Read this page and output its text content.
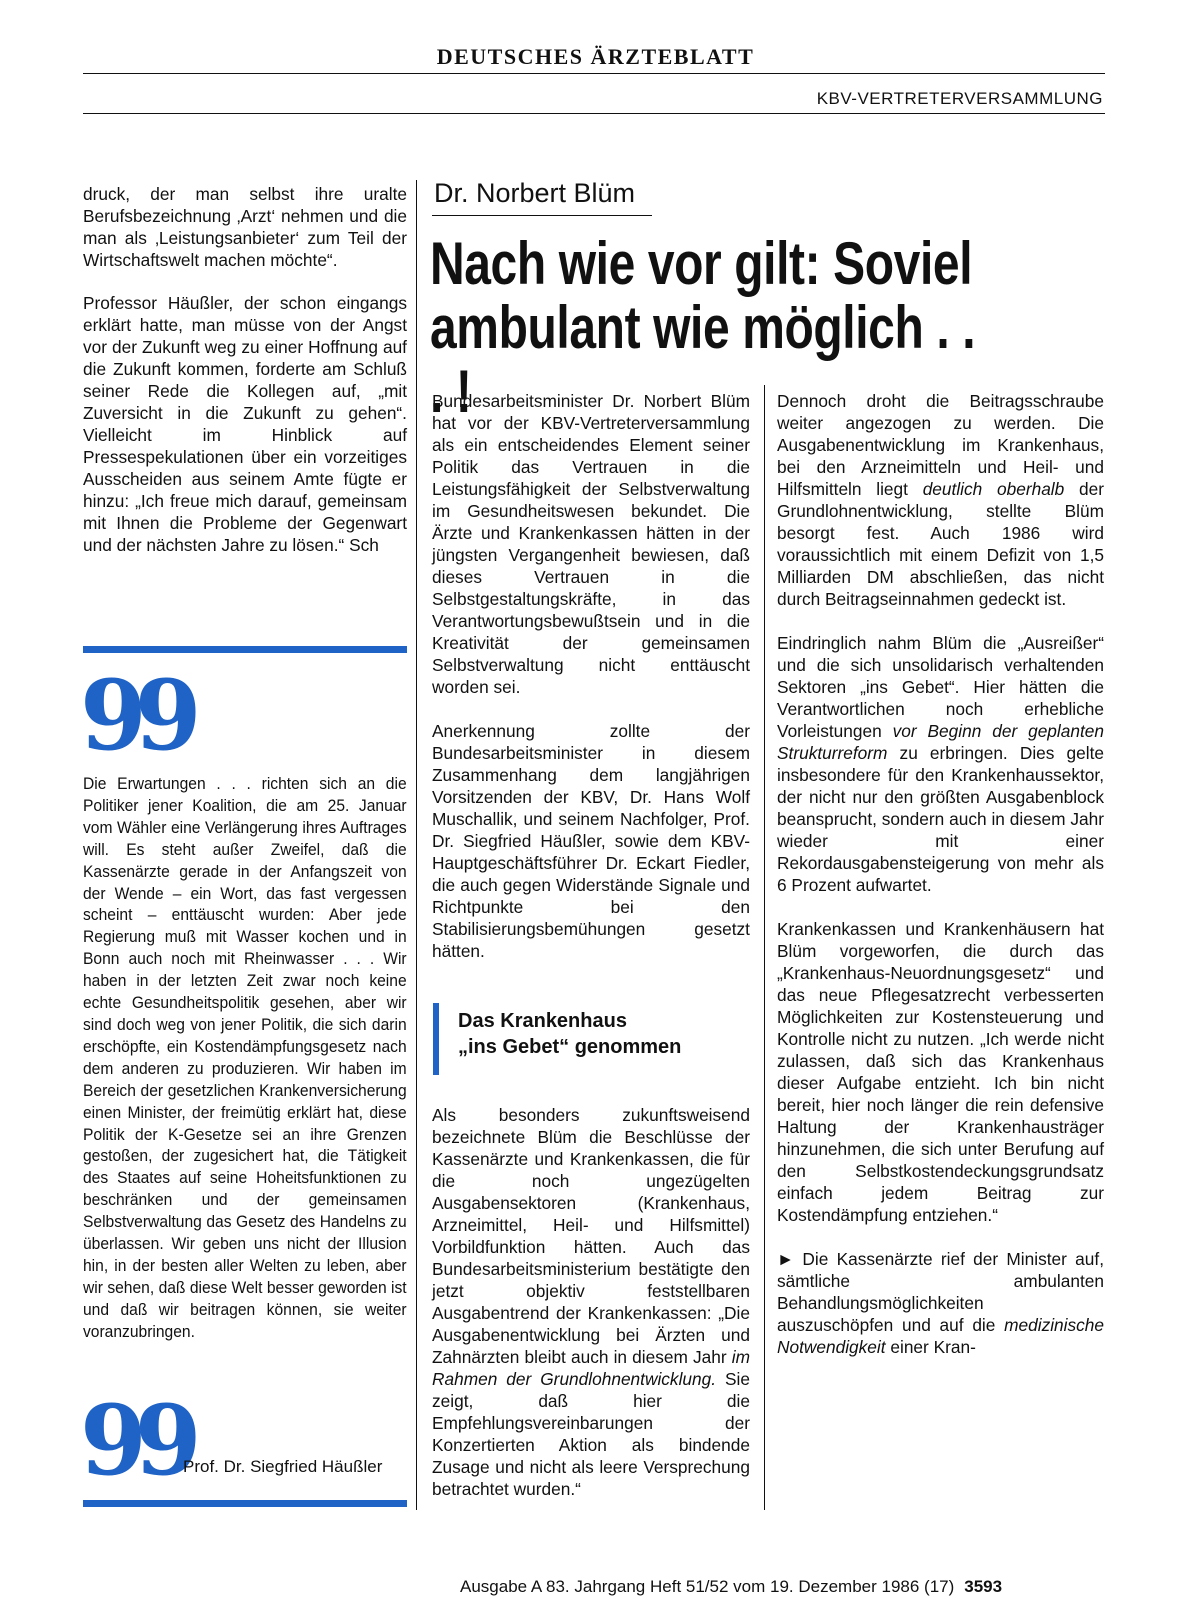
DEUTSCHES ÄRZTEBLATT
KBV-VERTRETERVERSAMMLUNG

druck, der man selbst ihre uralte Berufsbezeichnung ‚Arzt‘ nehmen und die man als ‚Leistungsanbieter‘ zum Teil der Wirtschaftswelt machen möchte“.

Professor Häußler, der schon eingangs erklärt hatte, man müsse von der Angst vor der Zukunft weg zu einer Hoffnung auf die Zukunft kommen, forderte am Schluß seiner Rede die Kollegen auf, „mit Zuversicht in die Zukunft zu gehen“. Vielleicht im Hinblick auf Pressespekulationen über ein vorzeitiges Ausscheiden aus seinem Amte fügte er hinzu: „Ich freue mich darauf, gemeinsam mit Ihnen die Probleme der Gegenwart und der nächsten Jahre zu lösen.“ Sch

99
Die Erwartungen . . . richten sich an die Politiker jener Koalition, die am 25. Januar vom Wähler eine Verlängerung ihres Auftrages will. Es steht außer Zweifel, daß die Kassenärzte gerade in der Anfangszeit von der Wende – ein Wort, das fast vergessen scheint – enttäuscht wurden: Aber jede Regierung muß mit Wasser kochen und in Bonn auch noch mit Rheinwasser . . . Wir haben in der letzten Zeit zwar noch keine echte Gesundheitspolitik gesehen, aber wir sind doch weg von jener Politik, die sich darin erschöpfte, ein Kostendämpfungsgesetz nach dem anderen zu produzieren. Wir haben im Bereich der gesetzlichen Krankenversicherung einen Minister, der freimütig erklärt hat, diese Politik der K-Gesetze sei an ihre Grenzen gestoßen, der zugesichert hat, die Tätigkeit des Staates auf seine Hoheitsfunktionen zu beschränken und der gemeinsamen Selbstverwaltung das Gesetz des Handelns zu überlassen. Wir geben uns nicht der Illusion hin, in der besten aller Welten zu leben, aber wir sehen, daß diese Welt besser geworden ist und daß wir beitragen können, sie weiter voranzubringen.
99
Prof. Dr. Siegfried Häußler
Dr. Norbert Blüm
Nach wie vor gilt: Soviel
ambulant wie möglich . . . !

Bundesarbeitsminister Dr. Norbert Blüm hat vor der KBV-Vertreterversammlung als ein entscheidendes Element seiner Politik das Vertrauen in die Leistungsfähigkeit der Selbstverwaltung im Gesundheitswesen bekundet. Die Ärzte und Krankenkassen hätten in der jüngsten Vergangenheit bewiesen, daß dieses Vertrauen in die Selbstgestaltungskräfte, in das Verantwortungsbewußtsein und in die Kreativität der gemeinsamen Selbstverwaltung nicht enttäuscht worden sei.

Anerkennung zollte der Bundesarbeitsminister in diesem Zusammenhang dem langjährigen Vorsitzenden der KBV, Dr. Hans Wolf Muschallik, und seinem Nachfolger, Prof. Dr. Siegfried Häußler, sowie dem KBV-Hauptgeschäftsführer Dr. Eckart Fiedler, die auch gegen Widerstände Signale und Richtpunkte bei den Stabilisierungsbemühungen gesetzt hätten.

Das Krankenhaus
„ins Gebet“ genommen

Als besonders zukunftsweisend bezeichnete Blüm die Beschlüsse der Kassenärzte und Krankenkassen, die für die noch ungezügelten Ausgabensektoren (Krankenhaus, Arzneimittel, Heil- und Hilfsmittel) Vorbildfunktion hätten. Auch das Bundesarbeitsministerium bestätigte den jetzt objektiv feststellbaren Ausgabentrend der Krankenkassen: „Die Ausgabenentwicklung bei Ärzten und Zahnärzten bleibt auch in diesem Jahr im Rahmen der Grundlohnentwicklung. Sie zeigt, daß hier die Empfehlungsvereinbarungen der Konzertierten Aktion als bindende Zusage und nicht als leere Versprechung betrachtet wurden.“

Dennoch droht die Beitragsschraube weiter angezogen zu werden. Die Ausgabenentwicklung im Krankenhaus, bei den Arzneimitteln und Heil- und Hilfsmitteln liegt deutlich oberhalb der Grundlohnentwicklung, stellte Blüm besorgt fest. Auch 1986 wird voraussichtlich mit einem Defizit von 1,5 Milliarden DM abschließen, das nicht durch Beitragseinnahmen gedeckt ist.

Eindringlich nahm Blüm die „Ausreißer“ und die sich unsolidarisch verhaltenden Sektoren „ins Gebet“. Hier hätten die Verantwortlichen noch erhebliche Vorleistungen vor Beginn der geplanten Strukturreform zu erbringen. Dies gelte insbesondere für den Krankenhaussektor, der nicht nur den größten Ausgabenblock beansprucht, sondern auch in diesem Jahr wieder mit einer Rekordausgabensteigerung von mehr als 6 Prozent aufwartet.

Krankenkassen und Krankenhäusern hat Blüm vorgeworfen, die durch das „Krankenhaus-Neuordnungsgesetz“ und das neue Pflegesatzrecht verbesserten Möglichkeiten zur Kostensteuerung und Kontrolle nicht zu nutzen. „Ich werde nicht zulassen, daß sich das Krankenhaus dieser Aufgabe entzieht. Ich bin nicht bereit, hier noch länger die rein defensive Haltung der Krankenhausträger hinzunehmen, die sich unter Berufung auf den Selbstkostendeckungsgrundsatz einfach jedem Beitrag zur Kostendämpfung entziehen.“

► Die Kassenärzte rief der Minister auf, sämtliche ambulanten Behandlungsmöglichkeiten auszuschöpfen und auf die medizinische Notwendigkeit einer Kran-

Ausgabe A 83. Jahrgang Heft 51/52 vom 19. Dezember 1986 (17) 3593
